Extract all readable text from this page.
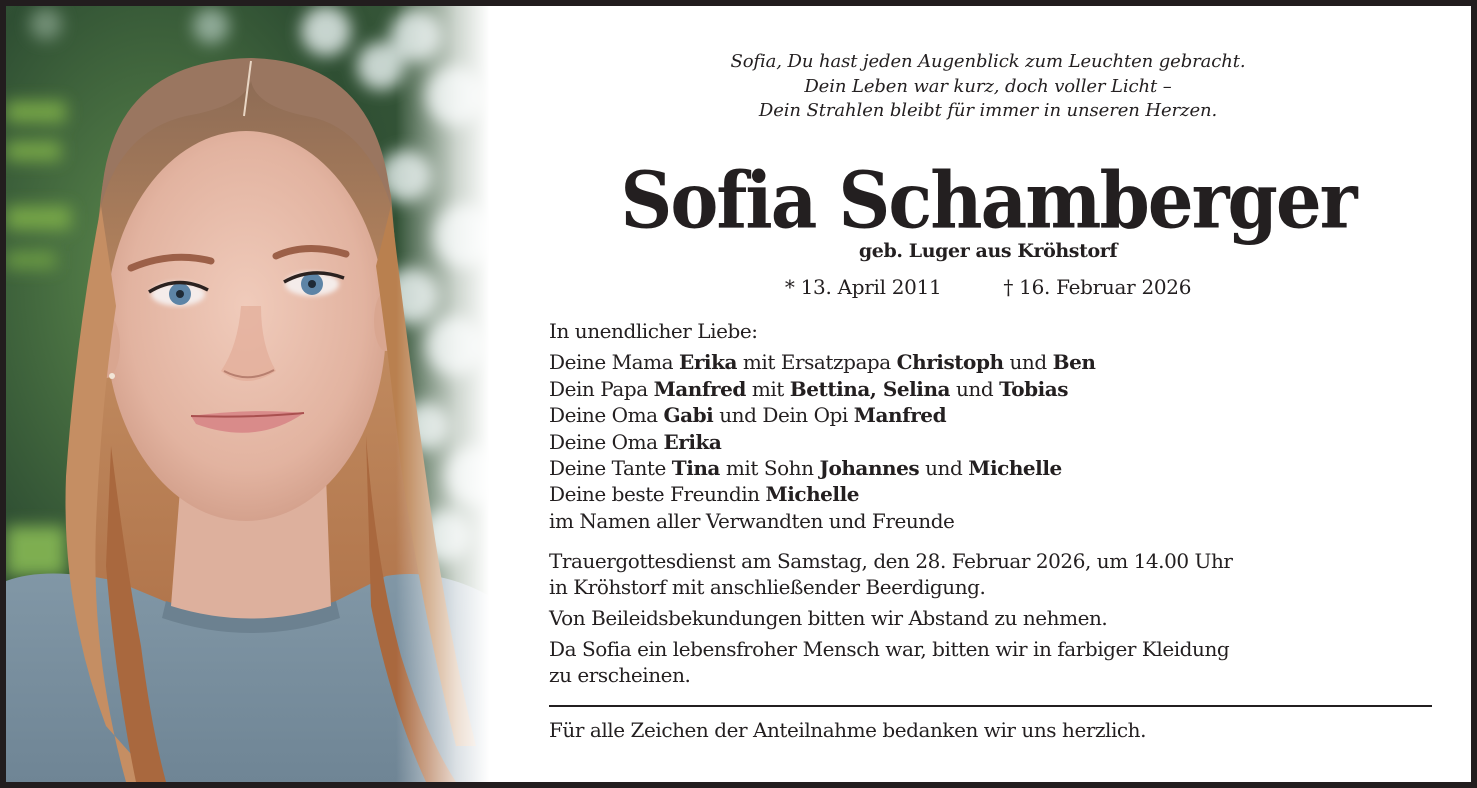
Sofia, Du hast jeden Augenblick zum Leuchten gebracht.
Dein Leben war kurz, doch voller Licht –
Dein Strahlen bleibt für immer in unseren Herzen.
Sofia Schamberger
geb. Luger aus Kröhstorf
* 13. April 2011	† 16. Februar 2026
In unendlicher Liebe:
Deine Mama Erika mit Ersatzpapa Christoph und Ben
Dein Papa Manfred mit Bettina, Selina und Tobias
Deine Oma Gabi und Dein Opi Manfred
Deine Oma Erika
Deine Tante Tina mit Sohn Johannes und Michelle
Deine beste Freundin Michelle
im Namen aller Verwandten und Freunde
Trauergottesdienst am Samstag, den 28. Februar 2026, um 14.00 Uhr
in Kröhstorf mit anschließender Beerdigung.
Von Beileidsbekundungen bitten wir Abstand zu nehmen.
Da Sofia ein lebensfroher Mensch war, bitten wir in farbiger Kleidung
zu erscheinen.
Für alle Zeichen der Anteilnahme bedanken wir uns herzlich.
